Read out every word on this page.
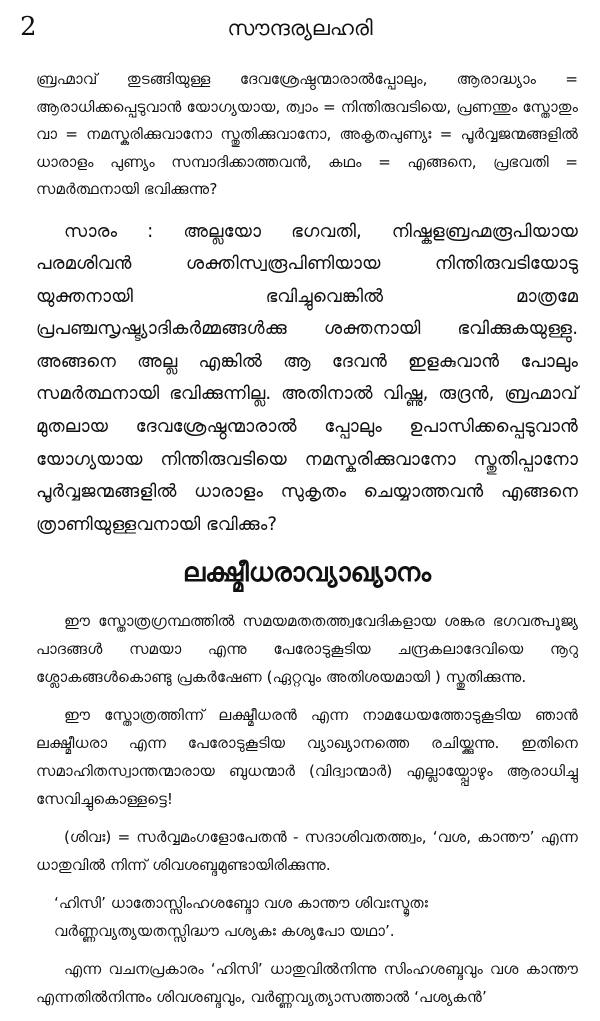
2	സൗന്ദര്യലഹരി

ബ്രഹ്മാവ് തുടങ്ങിയുള്ള ദേവശ്രേഷ്ഠന്മാരാൽപ്പോലും, ആരാദ്ധ്യാം = ആരാധിക്കപ്പെടുവാൻ യോഗ്യയായ, ത്വാം = നിന്തിരുവടിയെ, പ്രണന്തും സ്തോതും വാ = നമസ്കരിക്കുവാനോ സ്തുതിക്കുവാനോ, അകൃതപുണ്യഃ = പൂർവ്വജന്മങ്ങളിൽ ധാരാളം പുണ്യം സമ്പാദിക്കാത്തവൻ, കഥം = എങ്ങനെ, പ്രഭവതി = സമർത്ഥനായി ഭവിക്കുന്നു?

സാരം : അല്ലയോ ഭഗവതി, നിഷ്കളബ്രഹ്മരൂപിയായ പരമശിവൻ ശക്തിസ്വരൂപിണിയായ നിന്തിരുവടിയോടു യുക്തനായി ഭവിച്ചുവെങ്കിൽ മാത്രമേ പ്രപഞ്ചസൃഷ്ട്യാദികർമ്മങ്ങൾക്കു ശക്തനായി ഭവിക്കുകയുള്ളു. അങ്ങനെ അല്ല എങ്കിൽ ആ ദേവൻ ഇളകുവാൻ പോലും സമർത്ഥനായി ഭവിക്കുന്നില്ല. അതിനാൽ വിഷ്ണു, രുദ്രൻ, ബ്രഹ്മാവ് മുതലായ ദേവശ്രേഷ്ഠന്മാരാൽ പ്പോലും ഉപാസിക്കപ്പെടുവാൻ യോഗ്യയായ നിന്തിരുവടിയെ നമസ്കരിക്കുവാനോ സ്തുതിപ്പാനോ പൂർവ്വജന്മങ്ങളിൽ ധാരാളം സുകൃതം ചെയ്യാത്തവൻ എങ്ങനെ ത്രാണിയുള്ളവനായി ഭവിക്കും?

ലക്ഷ്മീധരാവ്യാഖ്യാനം

ഈ സ്തോത്രഗ്രന്ഥത്തിൽ സമയമതതത്ത്വവേദികളായ ശങ്കര ഭഗവത്പൂജ്യ പാദങ്ങൾ സമയാ എന്നു പേരോടുകൂടിയ ചന്ദ്രകലാദേവിയെ നൂറു ശ്ലോകങ്ങൾകൊണ്ടു പ്രകർഷേണ (ഏറ്റവും അതിശയമായി ) സ്തുതിക്കുന്നു.

ഈ സ്തോത്രത്തിന്ന് ലക്ഷ്മീധരൻ എന്ന നാമധേയത്തോടുകൂടിയ ഞാൻ ലക്ഷ്മീധരാ എന്ന പേരോടുകൂടിയ വ്യാഖ്യാനത്തെ രചിയ്ക്കുന്നു. ഇതിനെ സമാഹിതസ്വാന്തന്മാരായ ബുധന്മാർ (വിദ്വാന്മാർ) എല്ലായ്പ്പോഴും ആരാധിച്ചു സേവിച്ചുകൊള്ളട്ടെ!

(ശിവഃ) = സർവ്വമംഗളോപേതൻ - സദാശിവതത്ത്വം, ‘വശ, കാന്തൗ’ എന്ന ധാതുവിൽ നിന്ന് ശിവശബ്ദമുണ്ടായിരിക്കുന്നു.

‘ഹിസി’ ധാതോസ്സിംഹശബ്ദോ വശ കാന്തൗ ശിവഃസ്മൃതഃ
വർണ്ണവ്യത്യയതസ്സിദ്ധൗ പശ്യകഃ കശ്യപോ യഥാ’.

എന്ന വചനപ്രകാരം ‘ഹിസി’ ധാതുവിൽനിന്നു സിംഹശബ്ദവും വശ കാന്തൗ എന്നതിൽനിന്നും ശിവശബ്ദവും, വർണ്ണവ്യത്യാസത്താൽ ‘പശ്യകൻ’
